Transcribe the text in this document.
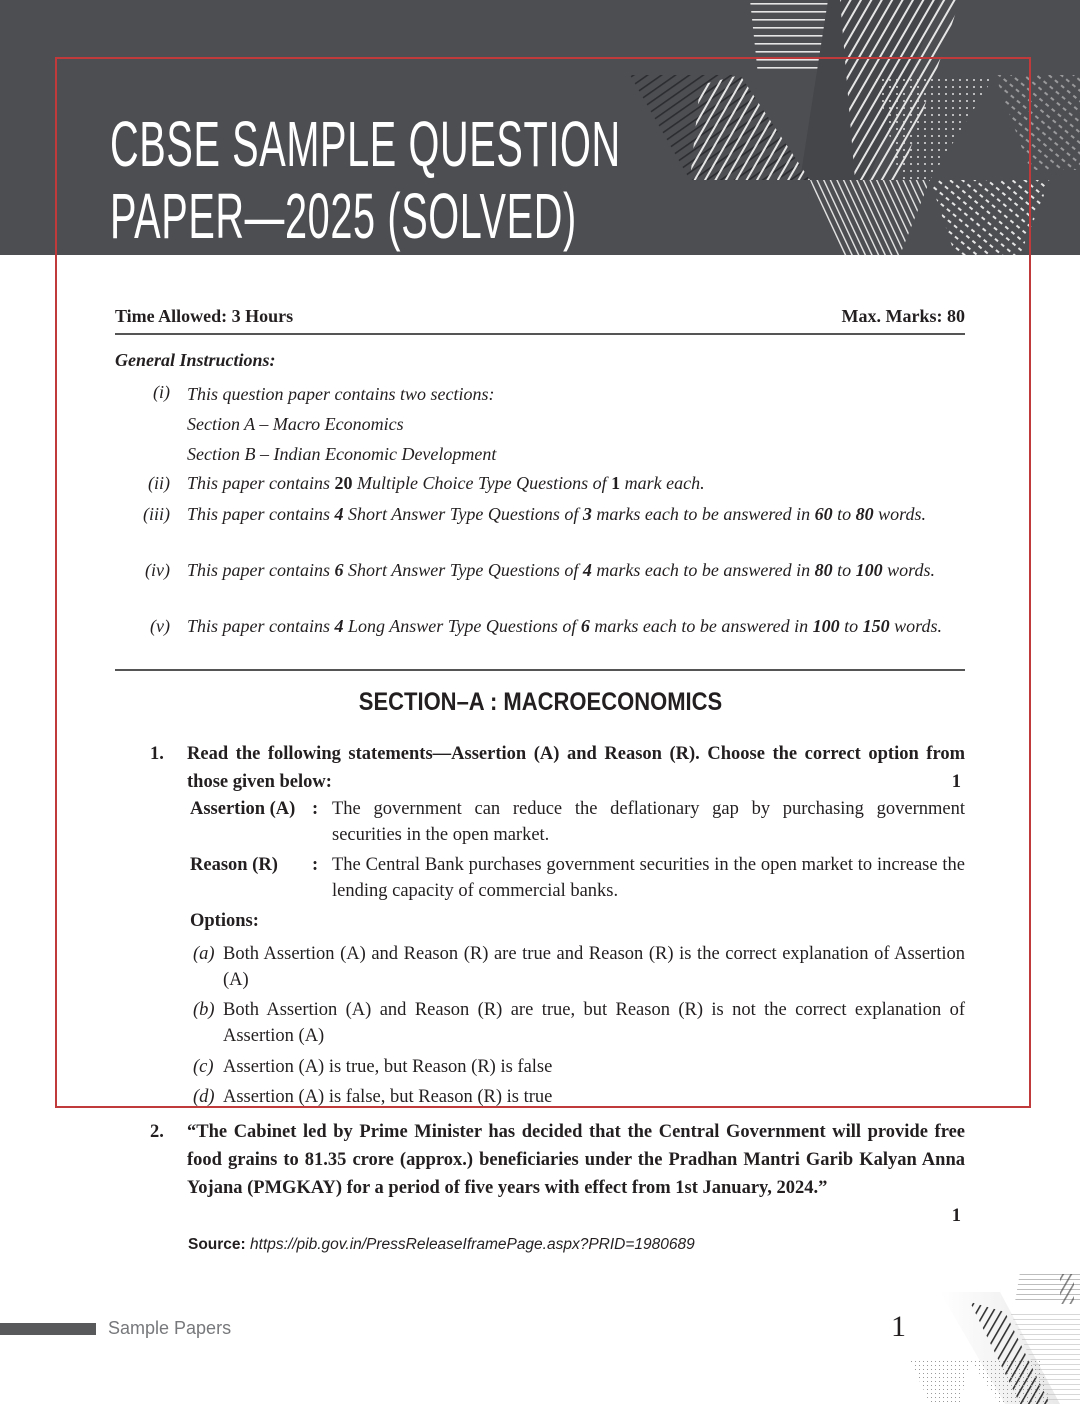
CBSE SAMPLE QUESTION
PAPER—2025 (SOLVED)
Time Allowed: 3 Hours	Max. Marks: 80
General Instructions:
(i) This question paper contains two sections:
Section A – Macro Economics
Section B – Indian Economic Development
(ii) This paper contains 20 Multiple Choice Type Questions of 1 mark each.
(iii) This paper contains 4 Short Answer Type Questions of 3 marks each to be answered in 60 to 80 words.
(iv) This paper contains 6 Short Answer Type Questions of 4 marks each to be answered in 80 to 100 words.
(v) This paper contains 4 Long Answer Type Questions of 6 marks each to be answered in 100 to 150 words.
SECTION–A : MACROECONOMICS
1. Read the following statements—Assertion (A) and Reason (R). Choose the correct option from those given below:	1
Assertion (A) : The government can reduce the deflationary gap by purchasing government securities in the open market.
Reason (R) : The Central Bank purchases government securities in the open market to increase the lending capacity of commercial banks.
Options:
(a) Both Assertion (A) and Reason (R) are true and Reason (R) is the correct explanation of Assertion (A)
(b) Both Assertion (A) and Reason (R) are true, but Reason (R) is not the correct explanation of Assertion (A)
(c) Assertion (A) is true, but Reason (R) is false
(d) Assertion (A) is false, but Reason (R) is true
2. “The Cabinet led by Prime Minister has decided that the Central Government will provide free food grains to 81.35 crore (approx.) beneficiaries under the Pradhan Mantri Garib Kalyan Anna Yojana (PMGKAY) for a period of five years with effect from 1st January, 2024.”
1
Source: https://pib.gov.in/PressReleaseIframePage.aspx?PRID=1980689
Sample Papers	1
